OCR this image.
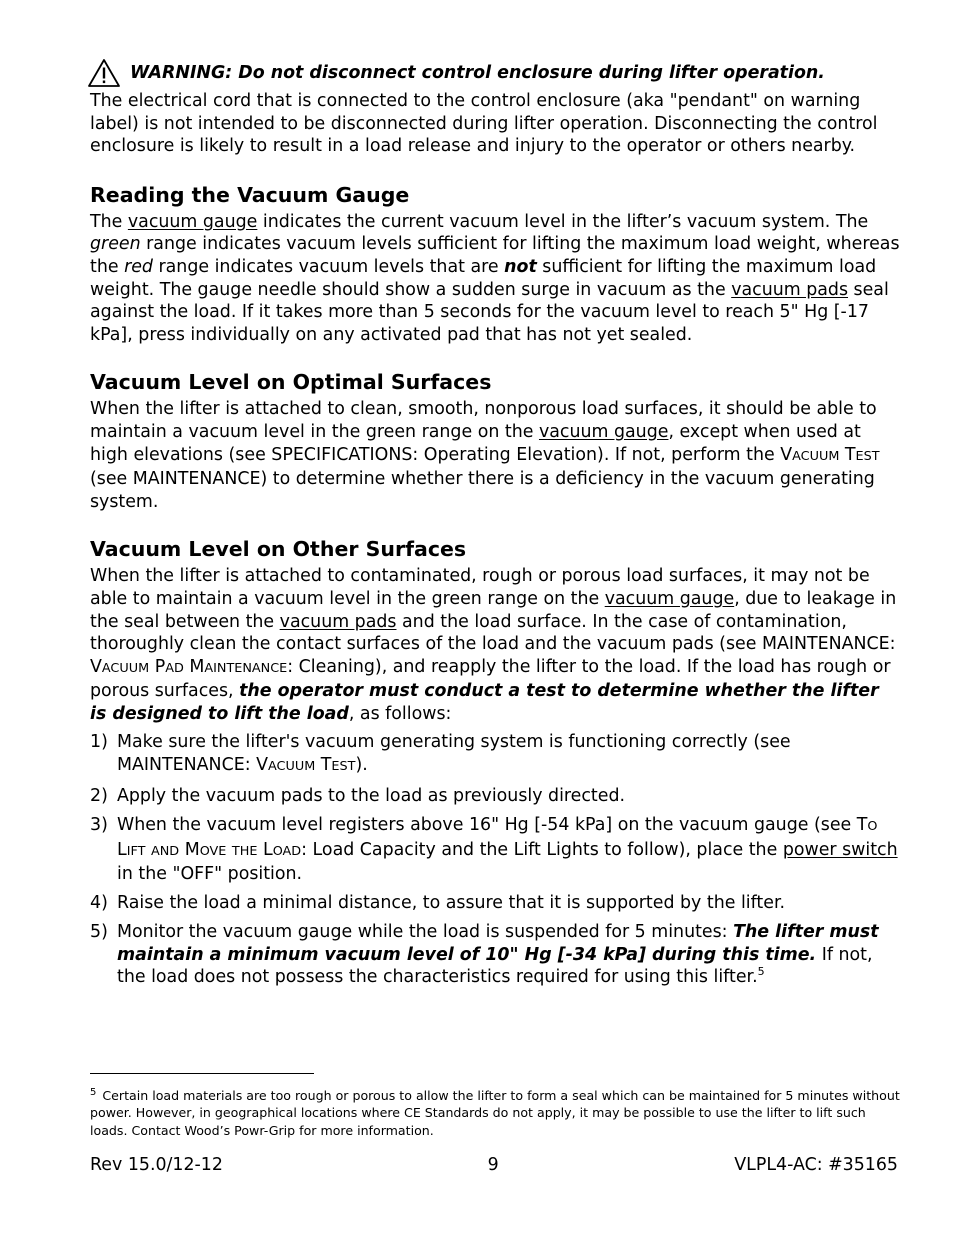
WARNING: Do not disconnect control enclosure during lifter operation.

The electrical cord that is connected to the control enclosure (aka "pendant" on warning label) is not intended to be disconnected during lifter operation. Disconnecting the control enclosure is likely to result in a load release and injury to the operator or others nearby.

Reading the Vacuum Gauge

The vacuum gauge indicates the current vacuum level in the lifter’s vacuum system. The green range indicates vacuum levels sufficient for lifting the maximum load weight, whereas the red range indicates vacuum levels that are not sufficient for lifting the maximum load weight. The gauge needle should show a sudden surge in vacuum as the vacuum pads seal against the load. If it takes more than 5 seconds for the vacuum level to reach 5" Hg [-17 kPa], press individually on any activated pad that has not yet sealed.

Vacuum Level on Optimal Surfaces

When the lifter is attached to clean, smooth, nonporous load surfaces, it should be able to maintain a vacuum level in the green range on the vacuum gauge, except when used at high elevations (see SPECIFICATIONS: Operating Elevation). If not, perform the VACUUM TEST (see MAINTENANCE) to determine whether there is a deficiency in the vacuum generating system.

Vacuum Level on Other Surfaces

When the lifter is attached to contaminated, rough or porous load surfaces, it may not be able to maintain a vacuum level in the green range on the vacuum gauge, due to leakage in the seal between the vacuum pads and the load surface. In the case of contamination, thoroughly clean the contact surfaces of the load and the vacuum pads (see MAINTENANCE: VACUUM PAD MAINTENANCE: Cleaning), and reapply the lifter to the load. If the load has rough or porous surfaces, the operator must conduct a test to determine whether the lifter is designed to lift the load, as follows:

1) Make sure the lifter's vacuum generating system is functioning correctly (see MAINTENANCE: VACUUM TEST).
2) Apply the vacuum pads to the load as previously directed.
3) When the vacuum level registers above 16" Hg [-54 kPa] on the vacuum gauge (see TO LIFT AND MOVE THE LOAD: Load Capacity and the Lift Lights to follow), place the power switch in the "OFF" position.
4) Raise the load a minimal distance, to assure that it is supported by the lifter.
5) Monitor the vacuum gauge while the load is suspended for 5 minutes: The lifter must maintain a minimum vacuum level of 10" Hg [-34 kPa] during this time. If not, the load does not possess the characteristics required for using this lifter.$^5$
$^5$ Certain load materials are too rough or porous to allow the lifter to form a seal which can be maintained for 5 minutes without power. However, in geographical locations where CE Standards do not apply, it may be possible to use the lifter to lift such loads. Contact Wood’s Powr-Grip for more information.
Rev 15.0/12-12	9	VLPL4-AC: #35165
